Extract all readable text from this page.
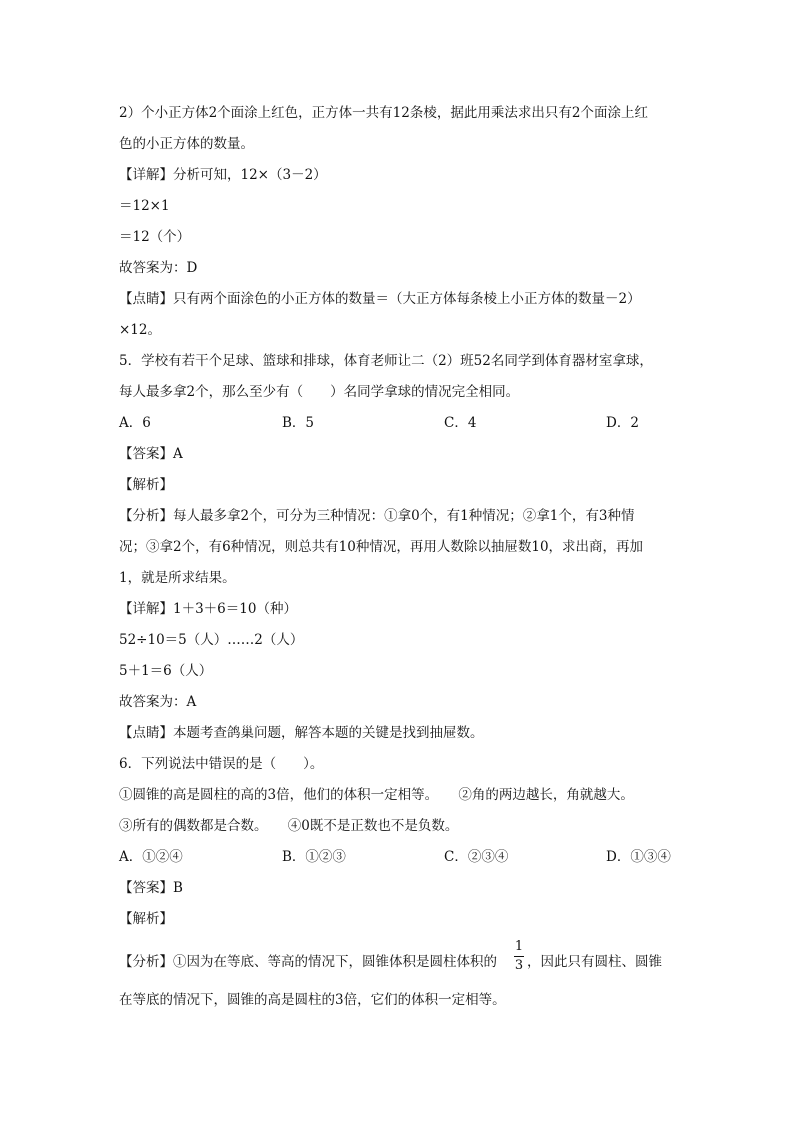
2）个小正方体2个面涂上红色，正方体一共有12条棱，据此用乘法求出只有2个面涂上红
色的小正方体的数量。
【详解】分析可知，12×（3－2）
＝12×1
＝12（个）
故答案为：D
【点睛】只有两个面涂色的小正方体的数量＝（大正方体每条棱上小正方体的数量－2）
×12。
5．学校有若干个足球、篮球和排球，体育老师让二（2）班52名同学到体育器材室拿球，
每人最多拿2个，那么至少有（　　）名同学拿球的情况完全相同。
A．6	B．5	C．4	D．2
【答案】A
【解析】
【分析】每人最多拿2个，可分为三种情况：①拿0个，有1种情况；②拿1个，有3种情
况；③拿2个，有6种情况，则总共有10种情况，再用人数除以抽屉数10，求出商，再加
1，就是所求结果。
【详解】1＋3＋6＝10（种）
52÷10＝5（人）……2（人）
5＋1＝6（人）
故答案为：A
【点睛】本题考查鸽巢问题，解答本题的关键是找到抽屉数。
6．下列说法中错误的是（　　）。
①圆锥的高是圆柱的高的3倍，他们的体积一定相等。　　②角的两边越长，角就越大。
③所有的偶数都是合数。　　④0既不是正数也不是负数。
A．①②④	B．①②③	C．②③④	D．①③④
【答案】B
【解析】
【分析】①因为在等底、等高的情况下，圆锥体积是圆柱体积的
1
3 ，因此只有圆柱、圆锥
在等底的情况下，圆锥的高是圆柱的3倍，它们的体积一定相等。
